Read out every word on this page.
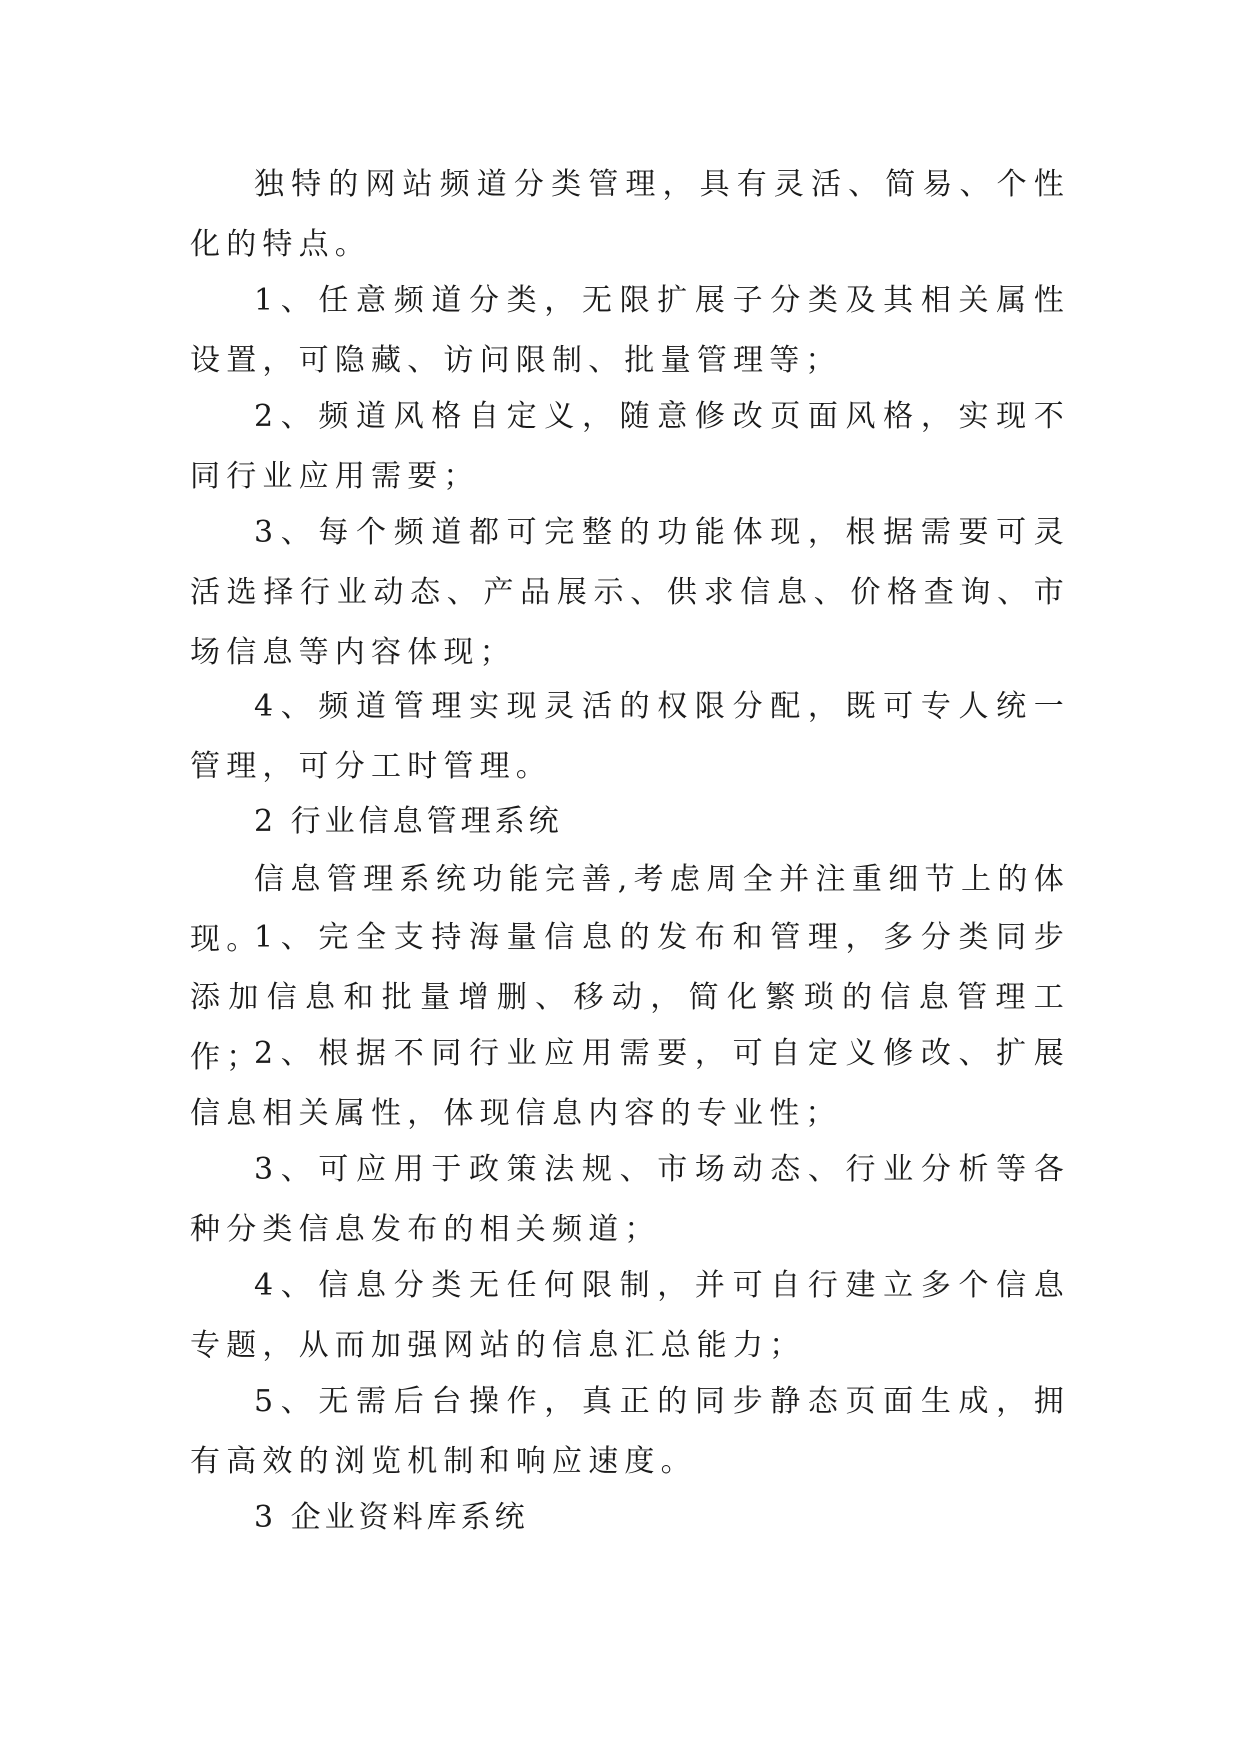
独特的网站频道分类管理，具有灵活、简易、个性化的特点。

1、任意频道分类，无限扩展子分类及其相关属性设置，可隐藏、访问限制、批量管理等；

2、频道风格自定义，随意修改页面风格，实现不同行业应用需要；

3、每个频道都可完整的功能体现，根据需要可灵活选择行业动态、产品展示、供求信息、价格查询、市场信息等内容体现；

4、频道管理实现灵活的权限分配，既可专人统一管理，可分工时管理。

2 行业信息管理系统

信息管理系统功能完善,考虑周全并注重细节上的体现。

1、完全支持海量信息的发布和管理，多分类同步添加信息和批量增删、移动，简化繁琐的信息管理工作；

2、根据不同行业应用需要，可自定义修改、扩展信息相关属性，体现信息内容的专业性；

3、可应用于政策法规、市场动态、行业分析等各种分类信息发布的相关频道；

4、信息分类无任何限制，并可自行建立多个信息专题，从而加强网站的信息汇总能力；

5、无需后台操作，真正的同步静态页面生成，拥有高效的浏览机制和响应速度。

3 企业资料库系统
